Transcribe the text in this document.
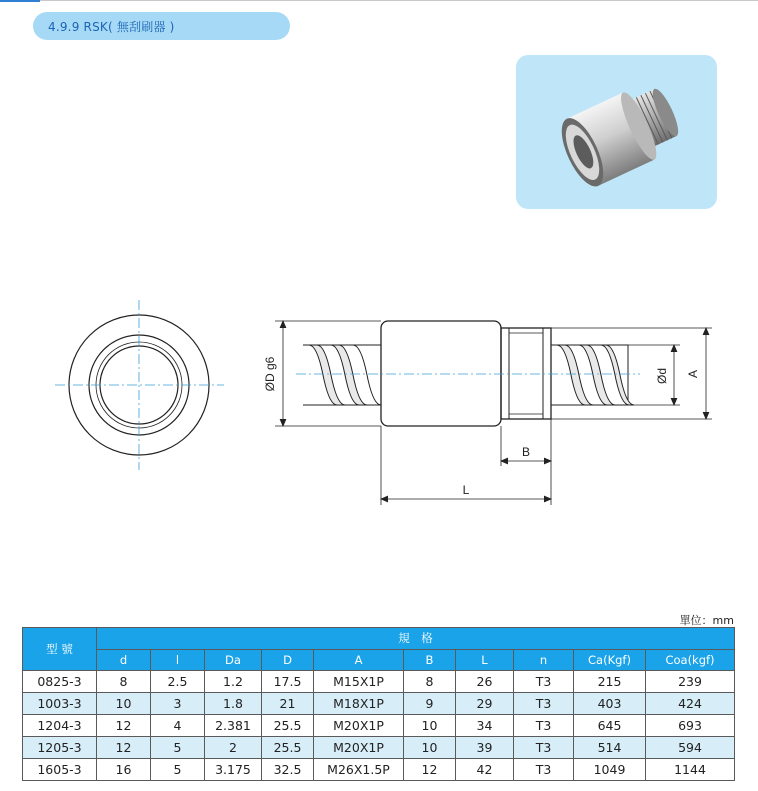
4.9.9 RSK( 無刮刷器 )
ØD g6	Ød A
B
L
單位：mm
型 號	規　格									
	d	l	Da	D	A	B	L	n	Ca(Kgf)	Coa(kgf)
0825-3	8	2.5	1.2	17.5	M15X1P	8	26	T3	215	239
1003-3	10	3	1.8	21	M18X1P	9	29	T3	403	424
1204-3	12	4	2.381	25.5	M20X1P	10	34	T3	645	693
1205-3	12	5	2	25.5	M20X1P	10	39	T3	514	594
1605-3	16	5	3.175	32.5	M26X1.5P	12	42	T3	1049	1144
